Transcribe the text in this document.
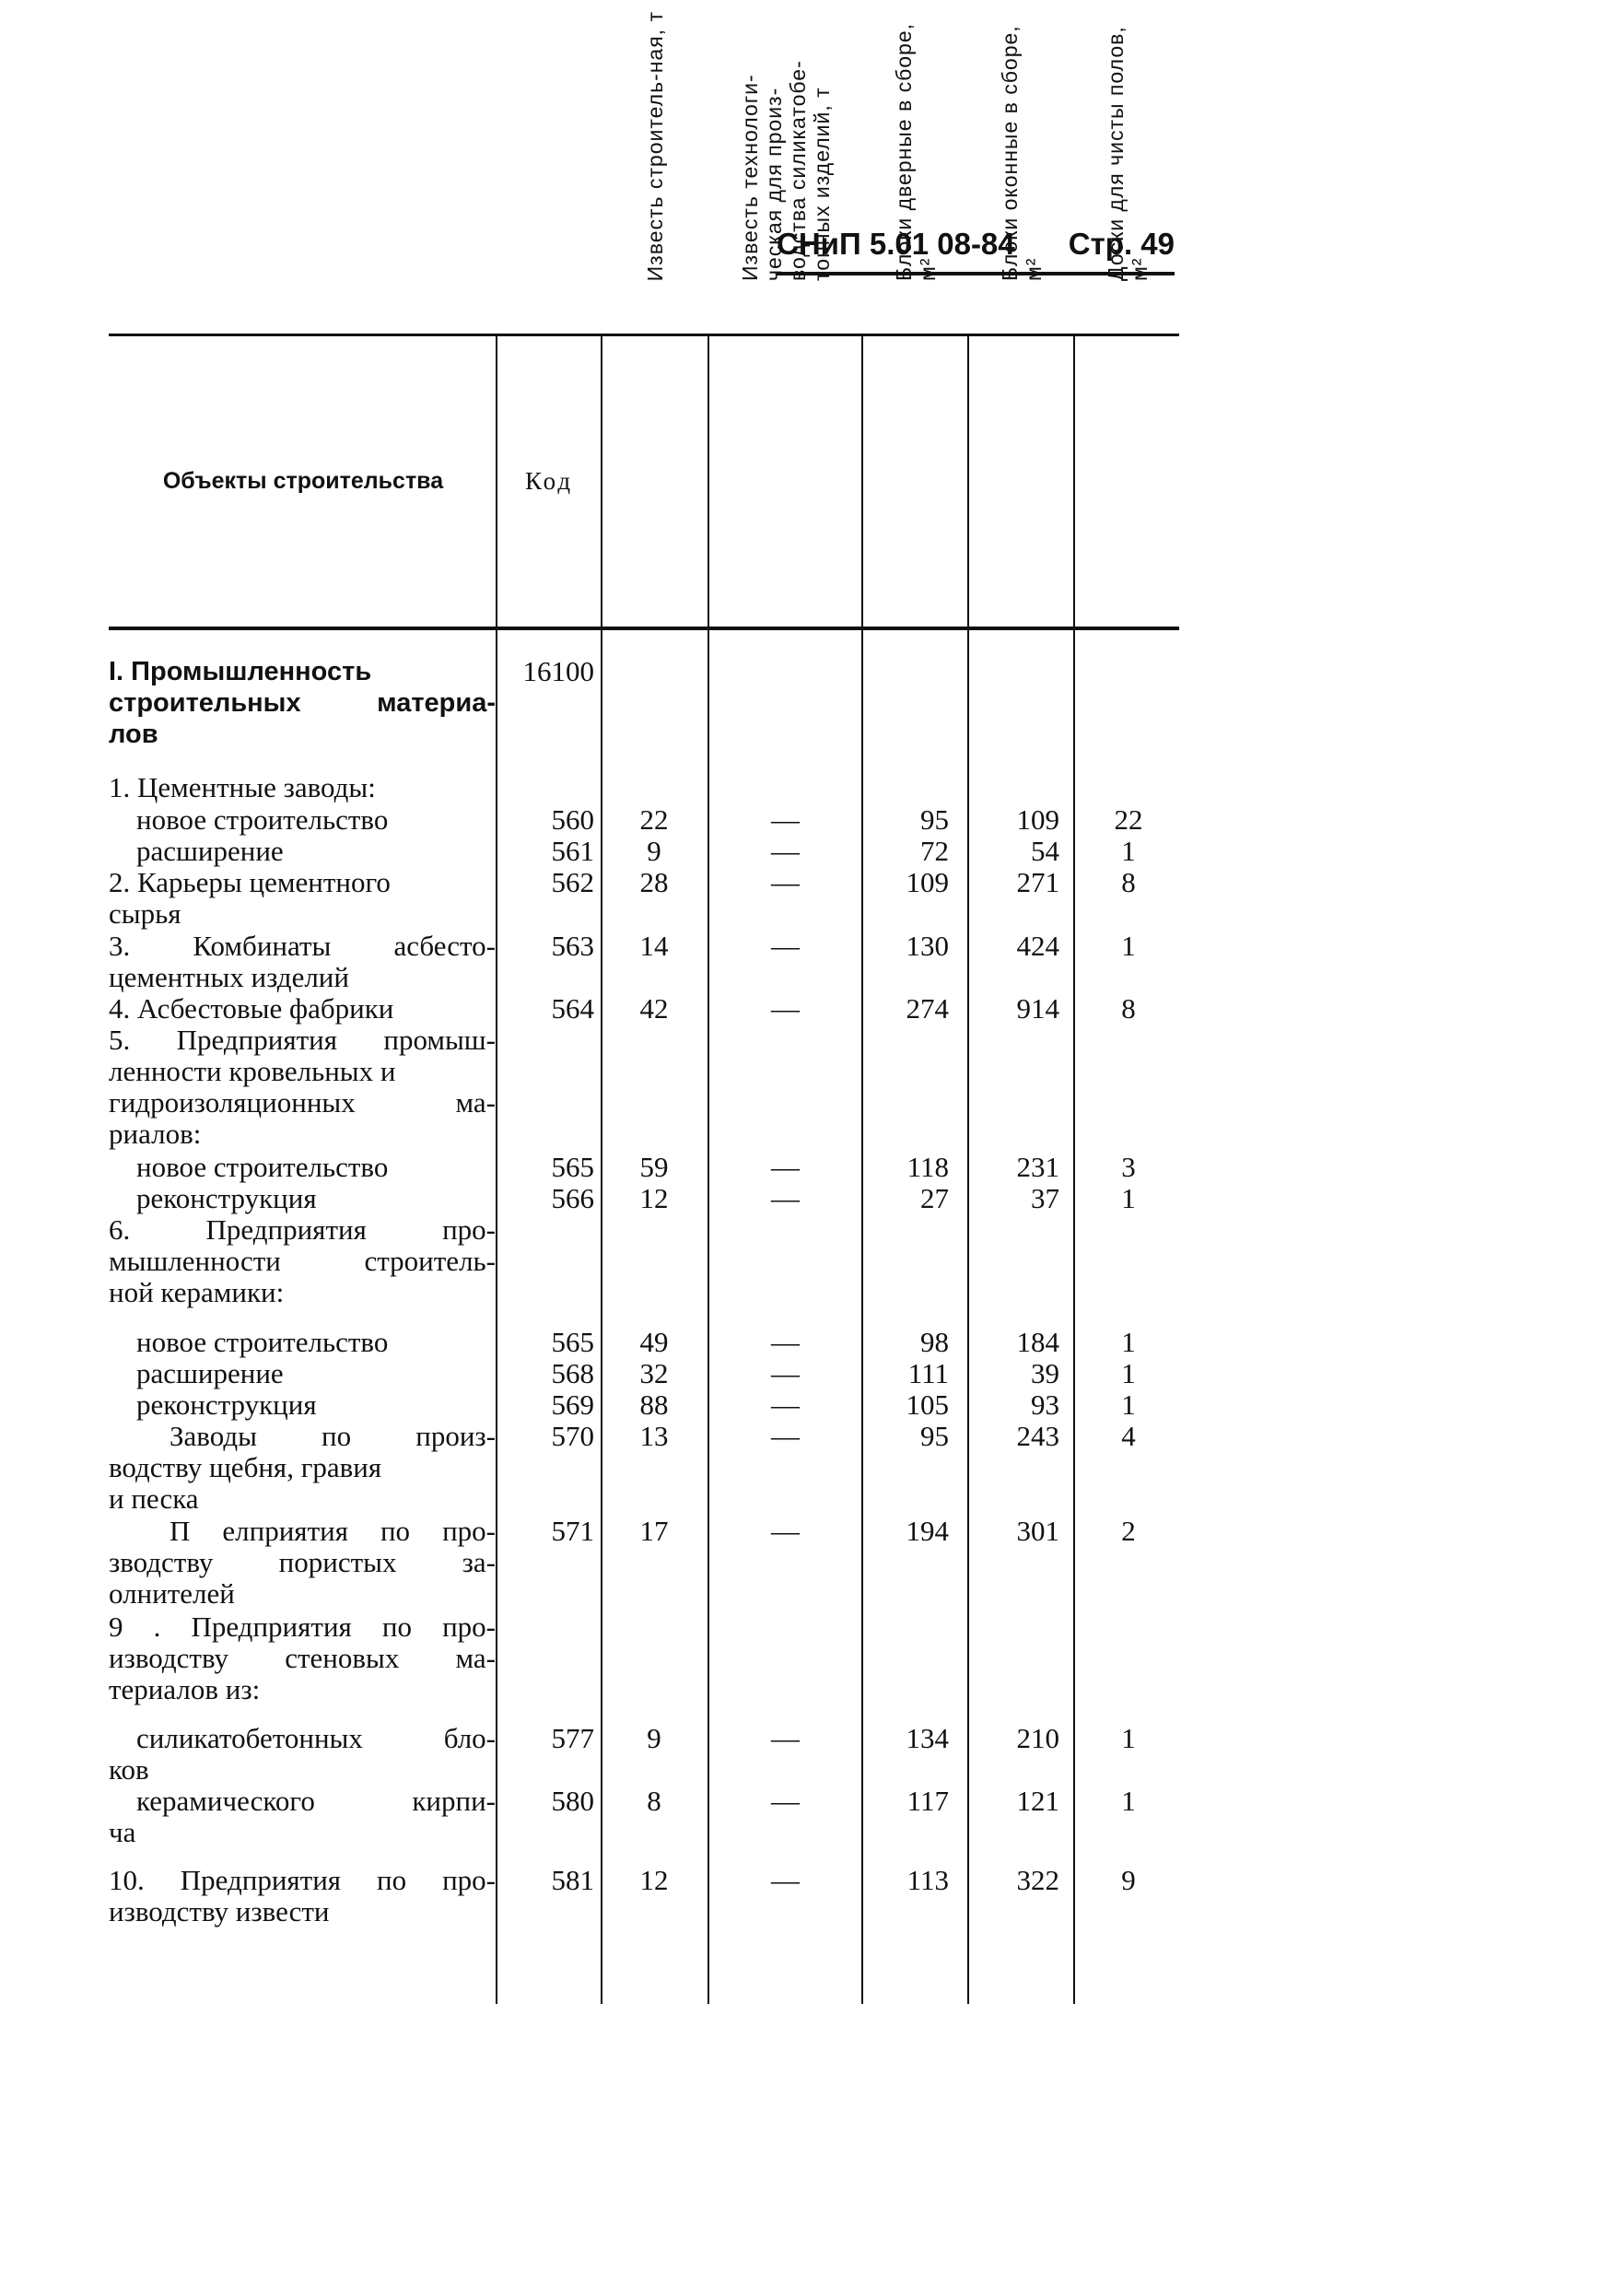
СНиП 5.01 08-84 Стр. 49
Объекты строительства	Код
Известь строитель-ная, т	Известь технологи-ческая для произ-водства силикатобе-тонных изделий, т	Блоки дверные в сборе, м²	Блоки оконные в сборе, м²	Доски для чисты полов, м²
I. Промышленность
строительных материа-
лов
16100
1. Цементные заводы:
новое строительство	560	22	—	95	109	22
расширение	561	9	—	72	54	1
2. Карьеры цементного
сырья
562	28	—	109	271	8
3. Комбинаты асбесто-
цементных изделий
563	14	—	130	424	1
4. Асбестовые фабрики	564	42	—	274	914	8
5. Предприятия промыш-
ленности кровельных и
гидроизоляционных ма-
риалов:
новое строительство	565	59	—	118	231	3
реконструкция	566	12	—	27	37	1
6. Предприятия про-
мышленности строитель-
ной керамики:
новое строительство	565	49	—	98	184	1
расширение	568	32	—	111	39	1
реконструкция	569	88	—	105	93	1
Заводы по произ-
водству щебня, гравия
и песка
570	13	—	95	243	4
П елприятия по про-
зводству пористых за-
олнителей
571	17	—	194	301	2
9 . Предприятия по про-
изводству стеновых ма-
териалов из:
силикатобетонных бло-
ков
577	9	—	134	210	1
керамического кирпи-
ча
580	8	—	117	121	1
10. Предприятия по про-
изводству извести
581	12	—	113	322	9
